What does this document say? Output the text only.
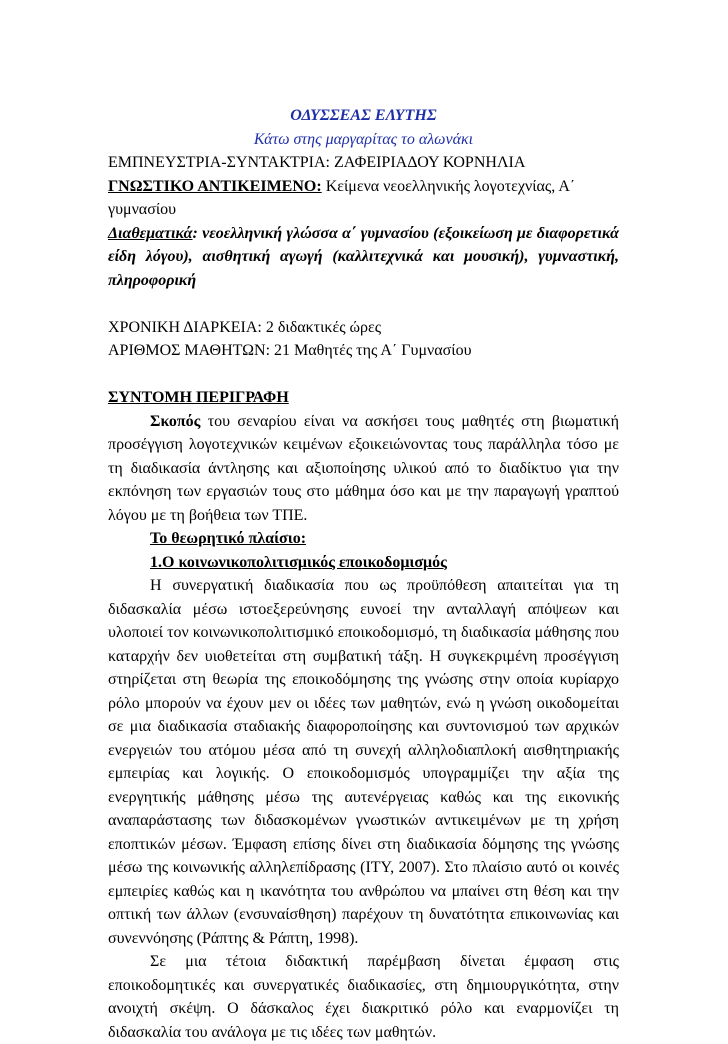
ΟΔΥΣΣΕΑΣ ΕΛΥΤΗΣ

Κάτω στης μαργαρίτας το αλωνάκι

ΕΜΠΝΕΥΣΤΡΙΑ-ΣΥΝΤΑΚΤΡΙΑ: ΖΑΦΕΙΡΙΑΔΟΥ ΚΟΡΝΗΛΙΑ

ΓΝΩΣΤΙΚΟ ΑΝΤΙΚΕΙΜΕΝΟ: Κείμενα νεοελληνικής λογοτεχνίας, Α΄ γυμνασίου

Διαθεματικά: νεοελληνική γλώσσα α΄ γυμνασίου (εξοικείωση με διαφορετικά είδη λόγου), αισθητική αγωγή (καλλιτεχνικά και μουσική), γυμναστική, πληροφορική

ΧΡΟΝΙΚΗ ΔΙΑΡΚΕΙΑ: 2 διδακτικές ώρες

ΑΡΙΘΜΟΣ ΜΑΘΗΤΩΝ: 21 Μαθητές της Α΄ Γυμνασίου

ΣΥΝΤΟΜΗ ΠΕΡΙΓΡΑΦΗ

Σκοπός του σεναρίου είναι να ασκήσει τους μαθητές στη βιωματική προσέγγιση λογοτεχνικών κειμένων εξοικειώνοντας τους παράλληλα τόσο με τη διαδικασία άντλησης και αξιοποίησης υλικού από το διαδίκτυο για την εκπόνηση των εργασιών τους στο μάθημα όσο και με την παραγωγή γραπτού λόγου με τη βοήθεια των ΤΠΕ.

Το θεωρητικό πλαίσιο:

1.Ο κοινωνικοπολιτισμικός εποικοδομισμός

Η συνεργατική διαδικασία που ως προϋπόθεση απαιτείται για τη διδασκαλία μέσω ιστοεξερεύνησης ευνοεί την ανταλλαγή απόψεων και υλοποιεί τον κοινωνικοπολιτισμικό εποικοδομισμό, τη διαδικασία μάθησης που καταρχήν δεν υιοθετείται στη συμβατική τάξη. Η συγκεκριμένη προσέγγιση στηρίζεται στη θεωρία της εποικοδόμησης της γνώσης στην οποία κυρίαρχο ρόλο μπορούν να έχουν μεν οι ιδέες των μαθητών, ενώ η γνώση οικοδομείται σε μια διαδικασία σταδιακής διαφοροποίησης και συντονισμού των αρχικών ενεργειών του ατόμου μέσα από τη συνεχή αλληλοδιαπλοκή αισθητηριακής εμπειρίας και λογικής. Ο εποικοδομισμός υπογραμμίζει την αξία της ενεργητικής μάθησης μέσω της αυτενέργειας καθώς και της εικονικής αναπαράστασης των διδασκομένων γνωστικών αντικειμένων με τη χρήση εποπτικών μέσων. Έμφαση επίσης δίνει στη διαδικασία δόμησης της γνώσης μέσω της κοινωνικής αλληλεπίδρασης (ΙΤΥ, 2007). Στο πλαίσιο αυτό οι κοινές εμπειρίες καθώς και η ικανότητα του ανθρώπου να μπαίνει στη θέση και την οπτική των άλλων (ενσυναίσθηση) παρέχουν τη δυνατότητα επικοινωνίας και συνεννόησης (Ράπτης & Ράπτη, 1998).

Σε μια τέτοια διδακτική παρέμβαση δίνεται έμφαση στις εποικοδομητικές και συνεργατικές διαδικασίες, στη δημιουργικότητα, στην ανοιχτή σκέψη. Ο δάσκαλος έχει διακριτικό ρόλο και εναρμονίζει τη διδασκαλία του ανάλογα με τις ιδέες των μαθητών.
